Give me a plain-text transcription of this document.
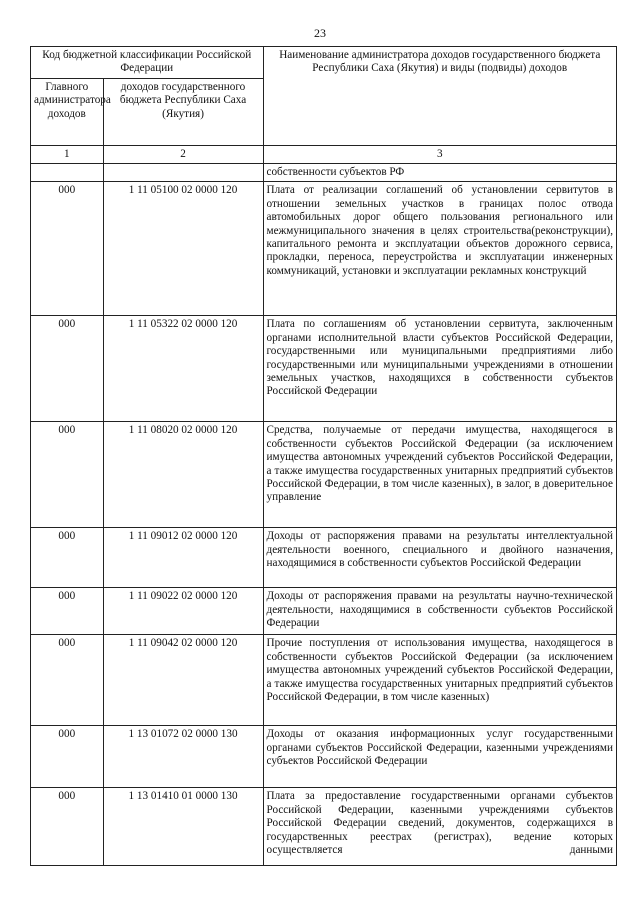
23
Код бюджетной классификации Российской Федерации		Наименование администратора доходов государственного бюджета Республики Саха (Якутия) и виды (подвиды) доходов
Главного администратора доходов	доходов государственного бюджета Республики Саха (Якутия)	
1	2	3
		собственности субъектов РФ
000	1 11 05100 02 0000 120	Плата от реализации соглашений об установлении сервитутов в отношении земельных участков в границах полос отвода автомобильных дорог общего пользования регионального или межмуниципального значения в целях строительства(реконструкции), капитального ремонта и эксплуатации объектов дорожного сервиса, прокладки, переноса, переустройства и эксплуатации инженерных коммуникаций, установки и эксплуатации рекламных конструкций
000	1 11 05322 02 0000 120	Плата по соглашениям об установлении сервитута, заключенным органами исполнительной власти субъектов Российской Федерации, государственными или муниципальными предприятиями либо государственными или муниципальными учреждениями в отношении земельных участков, находящихся в собственности субъектов Российской Федерации
000	1 11 08020 02 0000 120	Средства, получаемые от передачи имущества, находящегося в собственности субъектов Российской Федерации (за исключением имущества автономных учреждений субъектов Российской Федерации, а также имущества государственных унитарных предприятий субъектов Российской Федерации, в том числе казенных), в залог, в доверительное управление
000	1 11 09012 02 0000 120	Доходы от распоряжения правами на результаты интеллектуальной деятельности военного, специального и двойного назначения, находящимися в собственности субъектов Российской Федерации
000	1 11 09022 02 0000 120	Доходы от распоряжения правами на результаты научно-технической деятельности, находящимися в собственности субъектов Российской Федерации
000	1 11 09042 02 0000 120	Прочие поступления от использования имущества, находящегося в собственности субъектов Российской Федерации (за исключением имущества автономных учреждений субъектов Российской Федерации, а также имущества государственных унитарных предприятий субъектов Российской Федерации, в том числе казенных)
000	1 13 01072 02 0000 130	Доходы от оказания информационных услуг государственными органами субъектов Российской Федерации, казенными учреждениями субъектов Российской Федерации
000	1 13 01410 01 0000 130	Плата за предоставление государственными органами субъектов Российской Федерации, казенными учреждениями субъектов Российской Федерации сведений, документов, содержащихся в государственных реестрах (регистрах), ведение которых осуществляется данными
